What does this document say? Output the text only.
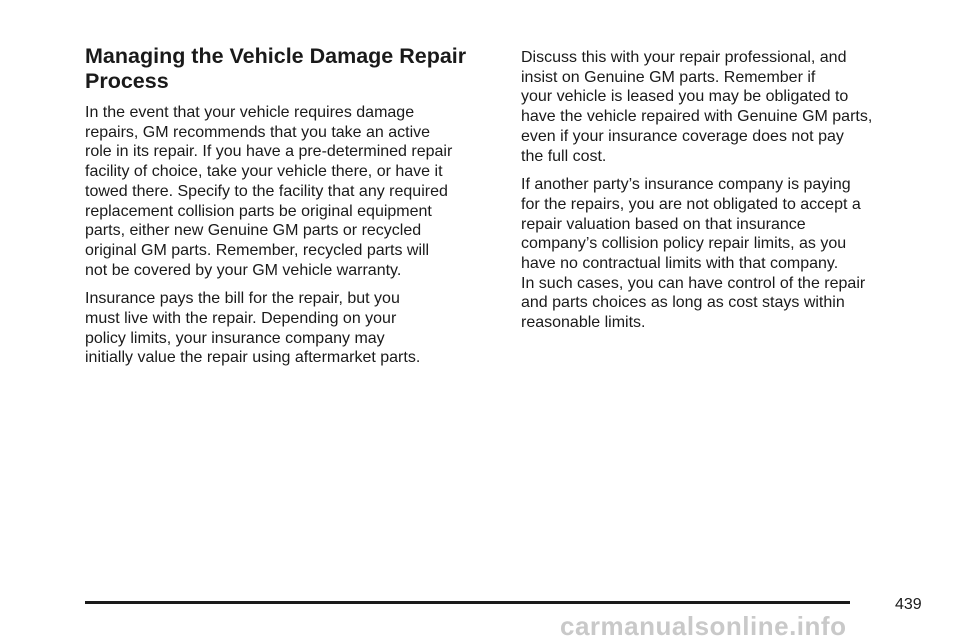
Managing the Vehicle Damage Repair
Process

In the event that your vehicle requires damage
repairs, GM recommends that you take an active
role in its repair. If you have a pre-determined repair
facility of choice, take your vehicle there, or have it
towed there. Specify to the facility that any required
replacement collision parts be original equipment
parts, either new Genuine GM parts or recycled
original GM parts. Remember, recycled parts will
not be covered by your GM vehicle warranty.

Insurance pays the bill for the repair, but you
must live with the repair. Depending on your
policy limits, your insurance company may
initially value the repair using aftermarket parts.

Discuss this with your repair professional, and
insist on Genuine GM parts. Remember if
your vehicle is leased you may be obligated to
have the vehicle repaired with Genuine GM parts,
even if your insurance coverage does not pay
the full cost.

If another party’s insurance company is paying
for the repairs, you are not obligated to accept a
repair valuation based on that insurance
company’s collision policy repair limits, as you
have no contractual limits with that company.
In such cases, you can have control of the repair
and parts choices as long as cost stays within
reasonable limits.

439
carmanualsonline.info
